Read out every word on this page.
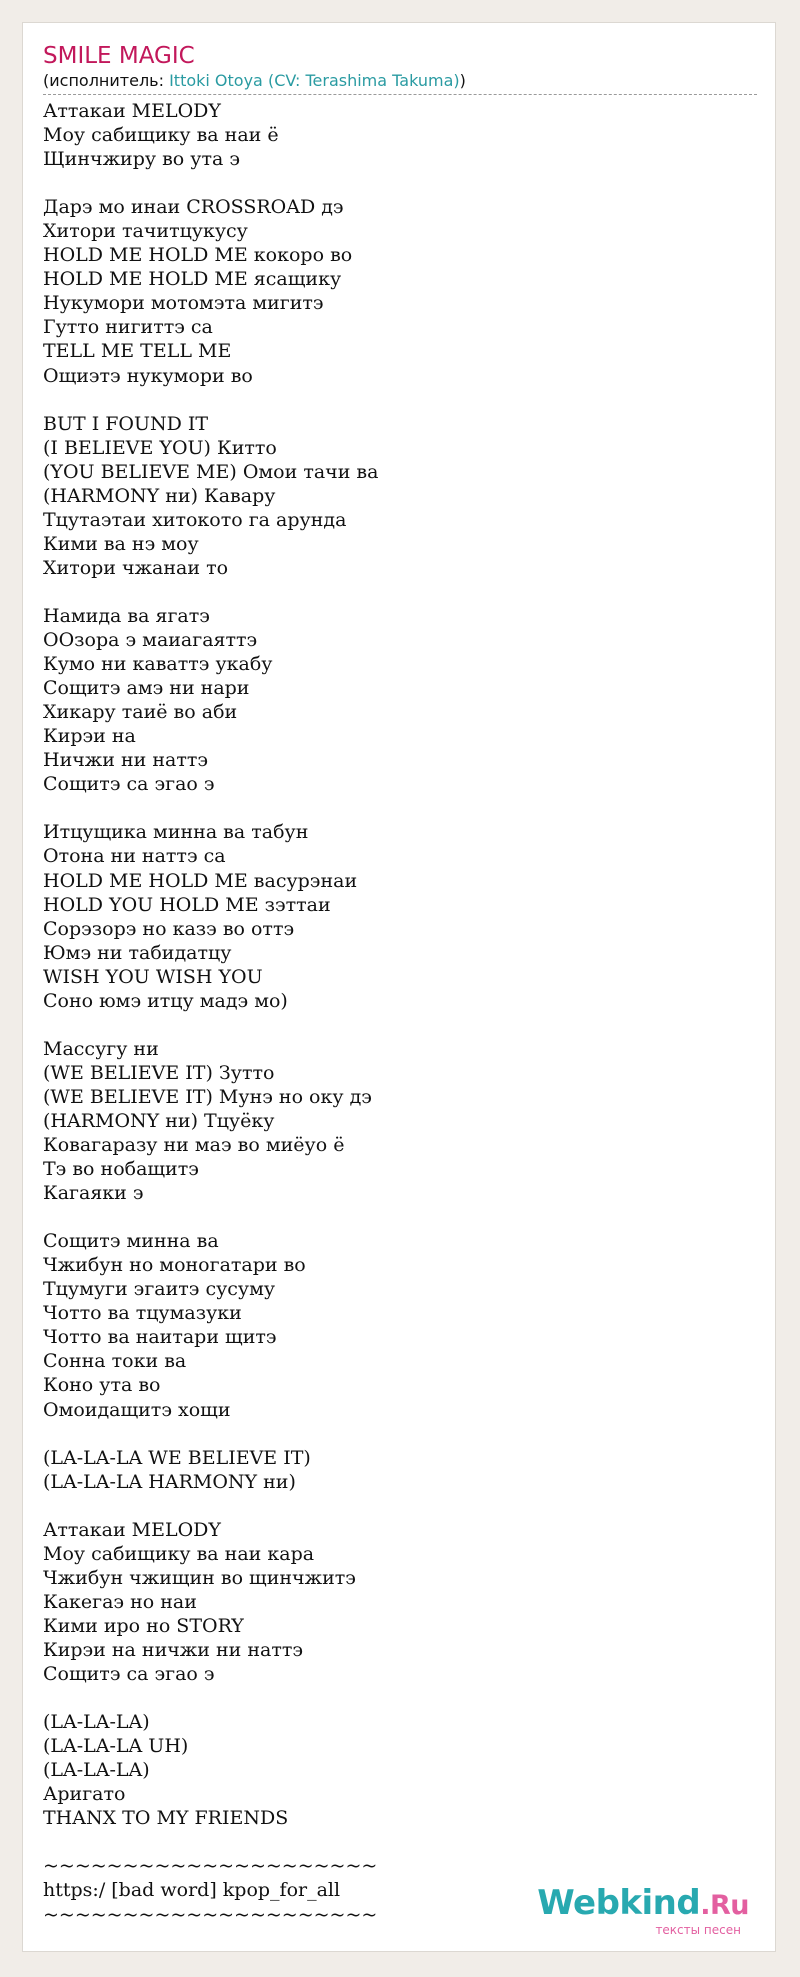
SMILE MAGIC
(исполнитель: Ittoki Otoya (CV: Terashima Takuma))
Аттакаи MELODY
Моу сабищику ва наи ё
Щинчжиру во ута э

Дарэ мо инаи CROSSROAD дэ
Хитори тачитцукусу
HOLD ME HOLD ME кокоро во
HOLD ME HOLD ME ясащику
Нукумори мотомэта мигитэ
Гутто нигиттэ са
TELL ME TELL ME
Ощиэтэ нукумори во

BUT I FOUND IT
(I BELIEVE YOU) Китто
(YOU BELIEVE ME) Омои тачи ва
(HARMONY ни) Кавару
Тцутаэтаи хитокото га арунда
Кими ва нэ моу
Хитори чжанаи то

Намида ва ягатэ
ООзора э маиагаяттэ
Кумо ни каваттэ укабу
Сощитэ амэ ни нари
Хикару таиё во аби
Кирэи на
Ничжи ни наттэ
Сощитэ са эгао э

Итцущика минна ва табун
Отона ни наттэ са
HOLD ME HOLD ME васурэнаи
HOLD YOU HOLD ME зэттаи
Сорэзорэ но казэ во оттэ
Юмэ ни табидатцу
WISH YOU WISH YOU
Соно юмэ итцу мадэ мо)

Массугу ни
(WE BELIEVE IT) Зутто
(WE BELIEVE IT) Мунэ но оку дэ
(HARMONY ни) Тцуёку
Ковагаразу ни маэ во миёуо ё
Тэ во нобащитэ
Кагаяки э

Сощитэ минна ва
Чжибун но моногатари во
Тцумуги эгаитэ сусуму
Чотто ва тцумазуки
Чотто ва наитари щитэ
Сонна токи ва
Коно ута во
Омоидащитэ хощи

(LA-LA-LA WE BELIEVE IT)
(LA-LA-LA HARMONY ни)

Аттакаи MELODY
Моу сабищику ва наи кара
Чжибун чжищин во щинчжитэ
Какегаэ но наи
Кими иро но STORY
Кирэи на ничжи ни наттэ
Сощитэ са эгао э

(LA-LA-LA)
(LA-LA-LA UH)
(LA-LA-LA)
Аригато
THANX TO MY FRIENDS

~~~~~~~~~~~~~~~~~~~~~
https:/ [bad word] kpop_for_all
~~~~~~~~~~~~~~~~~~~~~	Webkind.Ru
тексты песен
